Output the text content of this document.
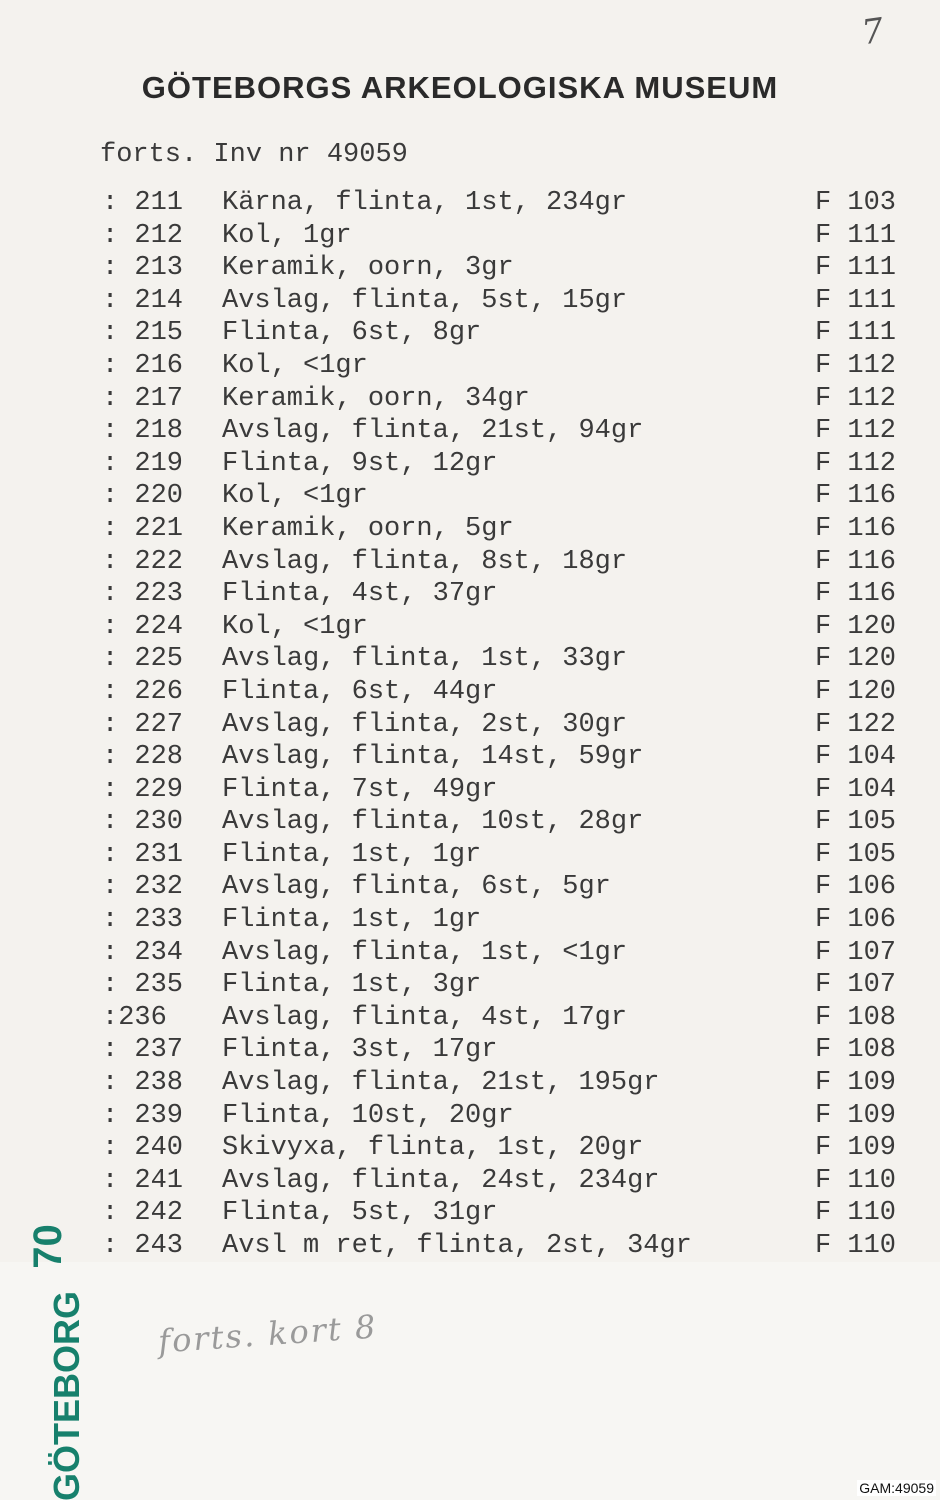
7
GÖTEBORGS ARKEOLOGISKA MUSEUM
forts. Inv nr 49059
: 211 Kärna, flinta, 1st, 234gr	F 103
: 212 Kol, 1gr	F 111
: 213 Keramik, oorn, 3gr	F 111
: 214 Avslag, flinta, 5st, 15gr	F 111
: 215 Flinta, 6st, 8gr	F 111
: 216 Kol, <1gr	F 112
: 217 Keramik, oorn, 34gr	F 112
: 218 Avslag, flinta, 21st, 94gr	F 112
: 219 Flinta, 9st, 12gr	F 112
: 220 Kol, <1gr	F 116
: 221 Keramik, oorn, 5gr	F 116
: 222 Avslag, flinta, 8st, 18gr	F 116
: 223 Flinta, 4st, 37gr	F 116
: 224 Kol, <1gr	F 120
: 225 Avslag, flinta, 1st, 33gr	F 120
: 226 Flinta, 6st, 44gr	F 120
: 227 Avslag, flinta, 2st, 30gr	F 122
: 228 Avslag, flinta, 14st, 59gr	F 104
: 229 Flinta, 7st, 49gr	F 104
: 230 Avslag, flinta, 10st, 28gr	F 105
: 231 Flinta, 1st, 1gr	F 105
: 232 Avslag, flinta, 6st, 5gr	F 106
: 233 Flinta, 1st, 1gr	F 106
: 234 Avslag, flinta, 1st, <1gr	F 107
: 235 Flinta, 1st, 3gr	F 107
:236 Avslag, flinta, 4st, 17gr	F 108
: 237 Flinta, 3st, 17gr	F 108
: 238 Avslag, flinta, 21st, 195gr	F 109
: 239 Flinta, 10st, 20gr	F 109
: 240 Skivyxa, flinta, 1st, 20gr	F 109
: 241 Avslag, flinta, 24st, 234gr	F 110
: 242 Flinta, 5st, 31gr	F 110
: 243 Avsl m ret, flinta, 2st, 34gr	F 110
70
GÖTEBORG forts. kort 8
GAM:49059
